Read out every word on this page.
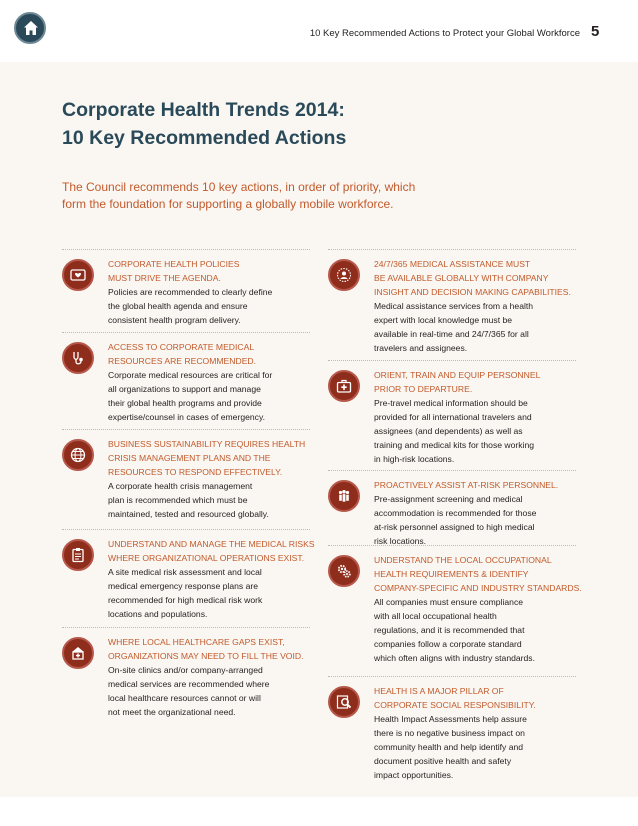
10 Key Recommended Actions to Protect your Global Workforce 5
Corporate Health Trends 2014:
10 Key Recommended Actions
The Council recommends 10 key actions, in order of priority, which
form the foundation for supporting a globally mobile workforce.
CORPORATE HEALTH POLICIES
MUST DRIVE THE AGENDA.
Policies are recommended to clearly define
the global health agenda and ensure
consistent health program delivery.
ACCESS TO CORPORATE MEDICAL
RESOURCES ARE RECOMMENDED.
Corporate medical resources are critical for
all organizations to support and manage
their global health programs and provide
expertise/counsel in cases of emergency.
BUSINESS SUSTAINABILITY REQUIRES HEALTH
CRISIS MANAGEMENT PLANS AND THE
RESOURCES TO RESPOND EFFECTIVELY.
A corporate health crisis management
plan is recommended which must be
maintained, tested and resourced globally.
UNDERSTAND AND MANAGE THE MEDICAL RISKS
WHERE ORGANIZATIONAL OPERATIONS EXIST.
A site medical risk assessment and local
medical emergency response plans are
recommended for high medical risk work
locations and populations.
WHERE LOCAL HEALTHCARE GAPS EXIST,
ORGANIZATIONS MAY NEED TO FILL THE VOID.
On-site clinics and/or company-arranged
medical services are recommended where
local healthcare resources cannot or will
not meet the organizational need.
24/7/365 MEDICAL ASSISTANCE MUST
BE AVAILABLE GLOBALLY WITH COMPANY
INSIGHT AND DECISION MAKING CAPABILITIES.
Medical assistance services from a health
expert with local knowledge must be
available in real-time and 24/7/365 for all
travelers and assignees.
ORIENT, TRAIN AND EQUIP PERSONNEL
PRIOR TO DEPARTURE.
Pre-travel medical information should be
provided for all international travelers and
assignees (and dependents) as well as
training and medical kits for those working
in high-risk locations.
PROACTIVELY ASSIST AT-RISK PERSONNEL.
Pre-assignment screening and medical
accommodation is recommended for those
at-risk personnel assigned to high medical
risk locations.
UNDERSTAND THE LOCAL OCCUPATIONAL
HEALTH REQUIREMENTS & IDENTIFY
COMPANY-SPECIFIC AND INDUSTRY STANDARDS.
All companies must ensure compliance
with all local occupational health
regulations, and it is recommended that
companies follow a corporate standard
which often aligns with industry standards.
HEALTH IS A MAJOR PILLAR OF
CORPORATE SOCIAL RESPONSIBILITY.
Health Impact Assessments help assure
there is no negative business impact on
community health and help identify and
document positive health and safety
impact opportunities.
